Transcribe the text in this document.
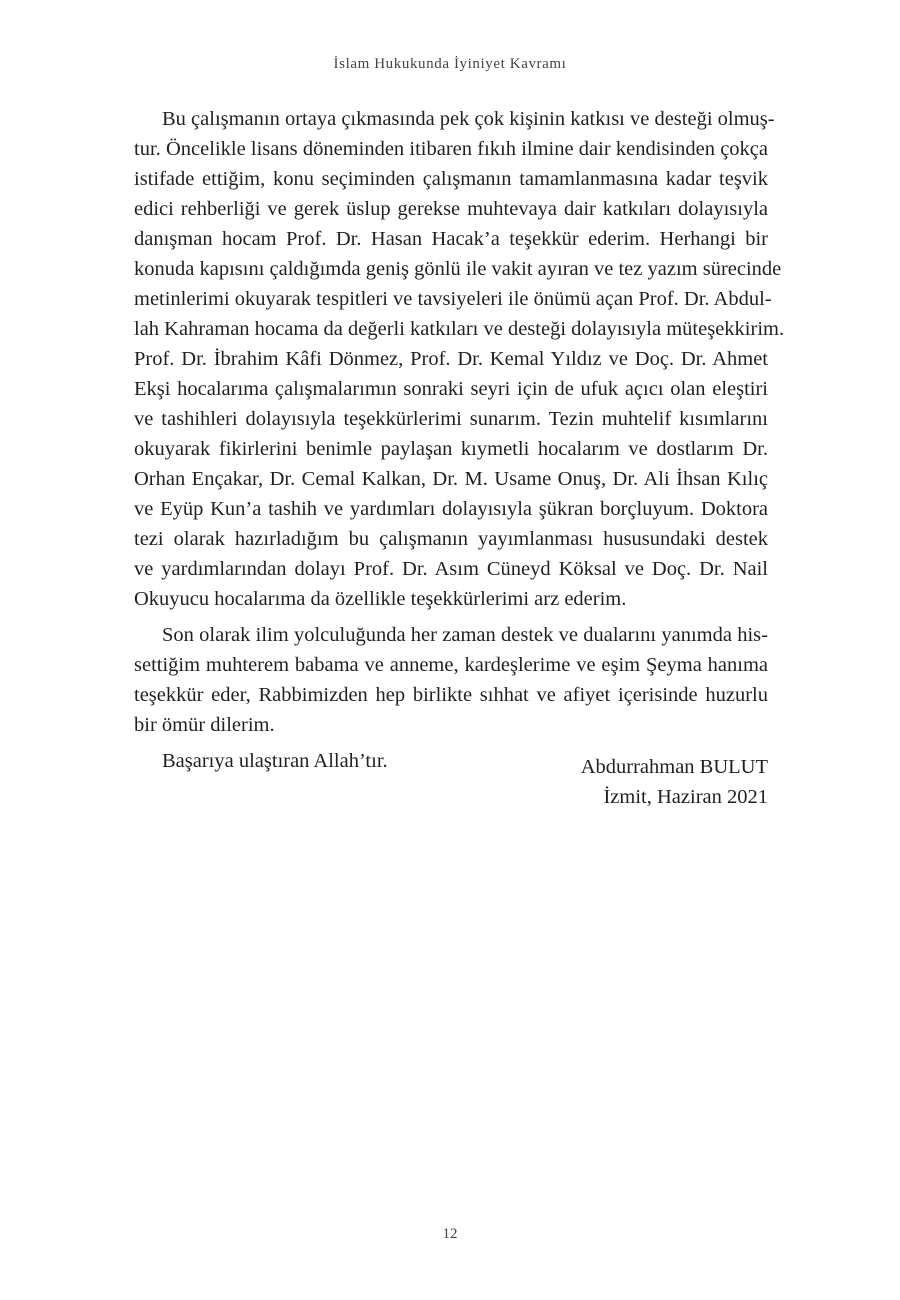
İslam Hukukunda İyiniyet Kavramı
Bu çalışmanın ortaya çıkmasında pek çok kişinin katkısı ve desteği olmuş-
tur. Öncelikle lisans döneminden itibaren fıkıh ilmine dair kendisinden çokça
istifade ettiğim, konu seçiminden çalışmanın tamamlanmasına kadar teşvik
edici rehberliği ve gerek üslup gerekse muhtevaya dair katkıları dolayısıyla
danışman hocam Prof. Dr. Hasan Hacak’a teşekkür ederim. Herhangi bir
konuda kapısını çaldığımda geniş gönlü ile vakit ayıran ve tez yazım sürecinde
metinlerimi okuyarak tespitleri ve tavsiyeleri ile önümü açan Prof. Dr. Abdul-
lah Kahraman hocama da değerli katkıları ve desteği dolayısıyla müteşekkirim.
Prof. Dr. İbrahim Kâfi Dönmez, Prof. Dr. Kemal Yıldız ve Doç. Dr. Ahmet
Ekşi hocalarıma çalışmalarımın sonraki seyri için de ufuk açıcı olan eleştiri
ve tashihleri dolayısıyla teşekkürlerimi sunarım. Tezin muhtelif kısımlarını
okuyarak fikirlerini benimle paylaşan kıymetli hocalarım ve dostlarım Dr.
Orhan Ençakar, Dr. Cemal Kalkan, Dr. M. Usame Onuş, Dr. Ali İhsan Kılıç
ve Eyüp Kun’a tashih ve yardımları dolayısıyla şükran borçluyum. Doktora
tezi olarak hazırladığım bu çalışmanın yayımlanması hususundaki destek
ve yardımlarından dolayı Prof. Dr. Asım Cüneyd Köksal ve Doç. Dr. Nail
Okuyucu hocalarıma da özellikle teşekkürlerimi arz ederim.
Son olarak ilim yolculuğunda her zaman destek ve dualarını yanımda his-
settiğim muhterem babama ve anneme, kardeşlerime ve eşim Şeyma hanıma
teşekkür eder, Rabbimizden hep birlikte sıhhat ve afiyet içerisinde huzurlu
bir ömür dilerim.
Başarıya ulaştıran Allah’tır.	Abdurrahman BULUT
İzmit, Haziran 2021
12
